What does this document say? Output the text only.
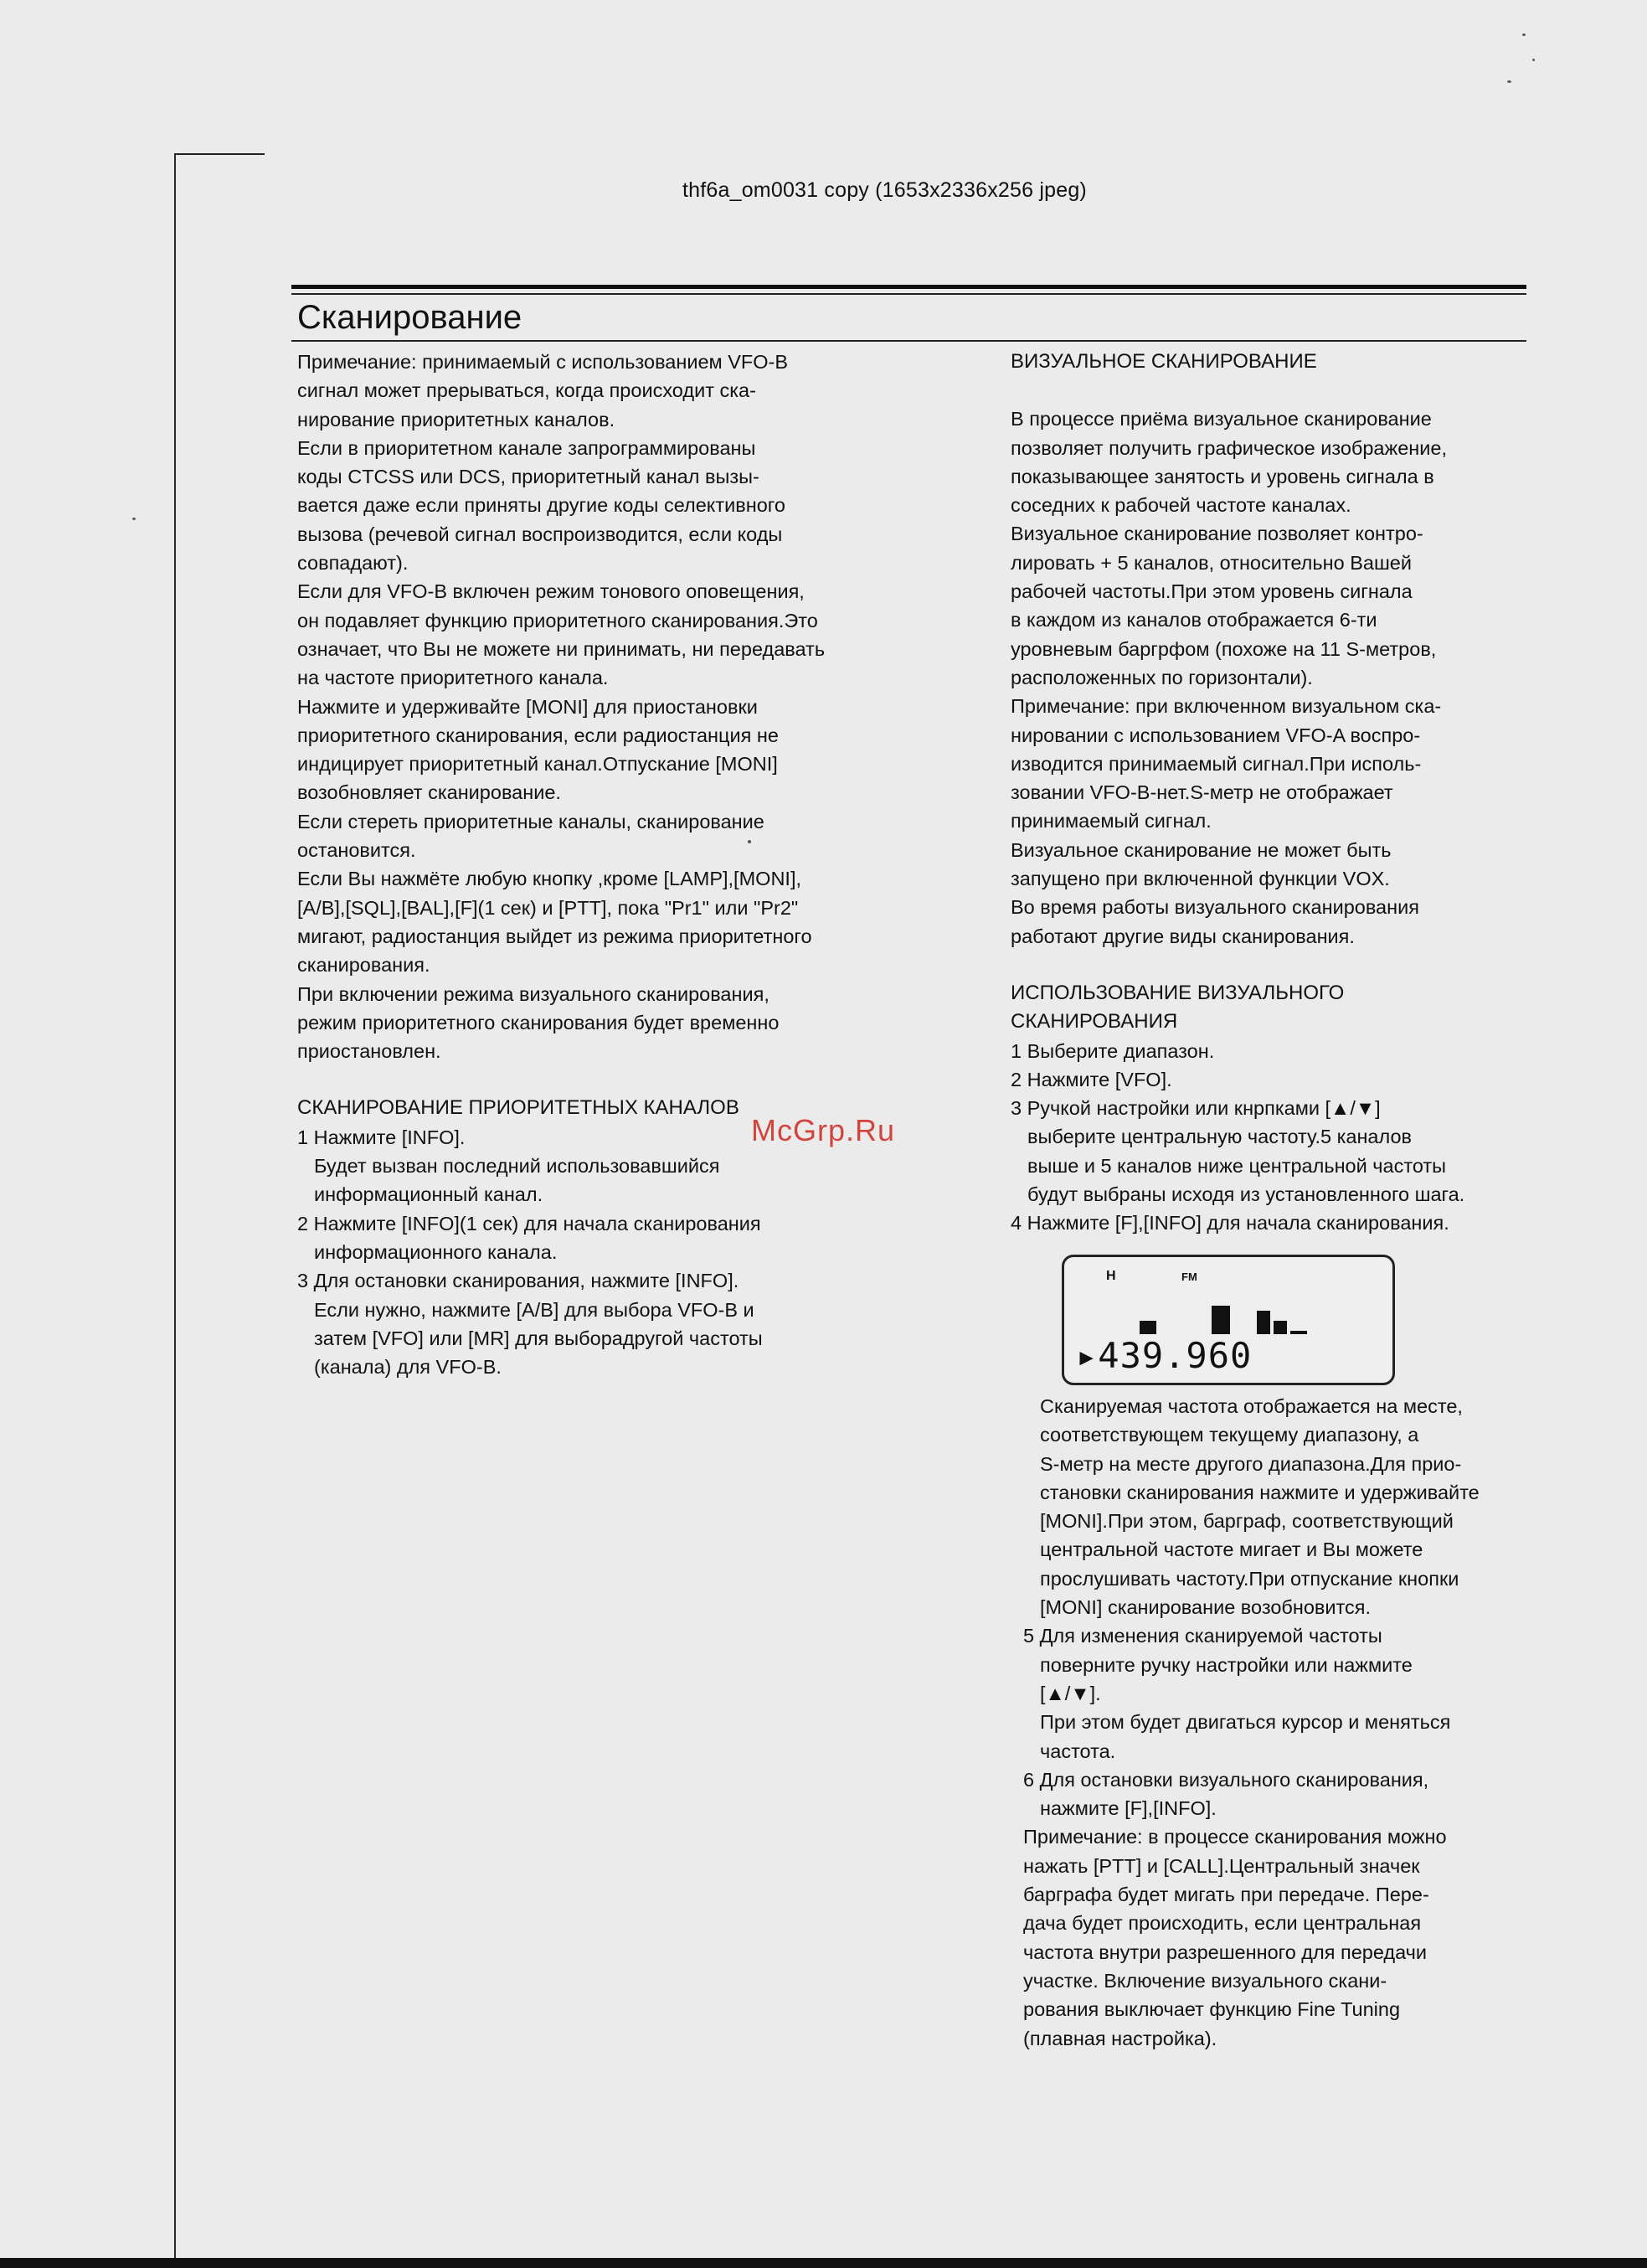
thf6a_om0031 copy (1653x2336x256 jpeg)
Сканирование

Примечание: принимаемый с использованием VFO-B

сигнал может прерываться, когда происходит ска-

нирование приоритетных каналов.

Если в приоритетном канале запрограммированы

коды CTCSS или DCS, приоритетный канал вызы-

вается даже если приняты другие коды селективного

вызова (речевой сигнал воспроизводится, если коды

совпадают).

Если для VFO-B включен режим тонового оповещения,

он подавляет функцию приоритетного сканирования.Это

означает, что Вы не можете ни принимать, ни передавать

на частоте приоритетного канала.

Нажмите и удерживайте [MONI] для приостановки

приоритетного сканирования, если радиостанция не

индицирует приоритетный канал.Отпускание [MONI]

возобновляет сканирование.

Если стереть приоритетные каналы, сканирование

остановится.

Если Вы нажмёте любую кнопку ,кроме [LAMP],[MONI],

[A/B],[SQL],[BAL],[F](1 сек) и [PTT], пока "Pr1" или "Pr2"

мигают, радиостанция выйдет из режима приоритетного

сканирования.

При включении режима визуального сканирования,

режим приоритетного сканирования будет временно

приостановлен.

СКАНИРОВАНИЕ ПРИОРИТЕТНЫХ КАНАЛОВ

1 Нажмите [INFO].

Будет вызван последний использовавшийся

информационный канал.

2 Нажмите [INFO](1 сек) для начала сканирования

информационного канала.

3 Для остановки сканирования, нажмите [INFO].

Если нужно, нажмите [A/B] для выбора VFO-B и

затем [VFO] или [MR] для выборадругой частоты

(канала) для VFO-B.

ВИЗУАЛЬНОЕ СКАНИРОВАНИЕ

В процессе приёма визуальное сканирование

позволяет получить графическое изображение,

показывающее занятость и уровень сигнала в

соседних к рабочей частоте каналах.

Визуальное сканирование позволяет контро-

лировать + 5 каналов, относительно Вашей

рабочей частоты.При этом уровень сигнала

в каждом из каналов отображается 6-ти

уровневым баргрфом (похоже на 11 S-метров,

расположенных по горизонтали).

Примечание: при включенном визуальном ска-

нировании с использованием VFO-A воспро-

изводится принимаемый сигнал.При исполь-

зовании VFO-B-нет.S-метр не отображает

принимаемый сигнал.

Визуальное сканирование не может быть

запущено при включенной функции VOX.

Во время работы визуального сканирования

работают другие виды сканирования.

ИСПОЛЬЗОВАНИЕ ВИЗУАЛЬНОГО

СКАНИРОВАНИЯ

1 Выберите диапазон.

2 Нажмите [VFO].

3 Ручкой настройки или кнрпками [▲/▼]

выберите центральную частоту.5 каналов

выше и 5 каналов ниже центральной частоты

будут выбраны исходя из установленного шага.

4 Нажмите [F],[INFO] для начала сканирования.

H	FM
▸439.960

Сканируемая частота отображается на месте,

соответствующем текущему диапазону, а

S-метр на месте другого диапазона.Для прио-

становки сканирования нажмите и удерживайте

[MONI].При этом, барграф, соответствующий

центральной частоте мигает и Вы можете

прослушивать частоту.При отпускание кнопки

[MONI] сканирование возобновится.

5 Для изменения сканируемой частоты

поверните ручку настройки или нажмите

[▲/▼].

При этом будет двигаться курсор и меняться

частота.

6 Для остановки визуального сканирования,

нажмите [F],[INFO].

Примечание: в процессе сканирования можно

нажать [PTT] и [CALL].Центральный значек

барграфа будет мигать при передаче. Пере-

дача будет происходить, если центральная

частота внутри разрешенного для передачи

участке. Включение визуального скани-

рования выключает функцию Fine Tuning

(плавная настройка).

McGrp.Ru
